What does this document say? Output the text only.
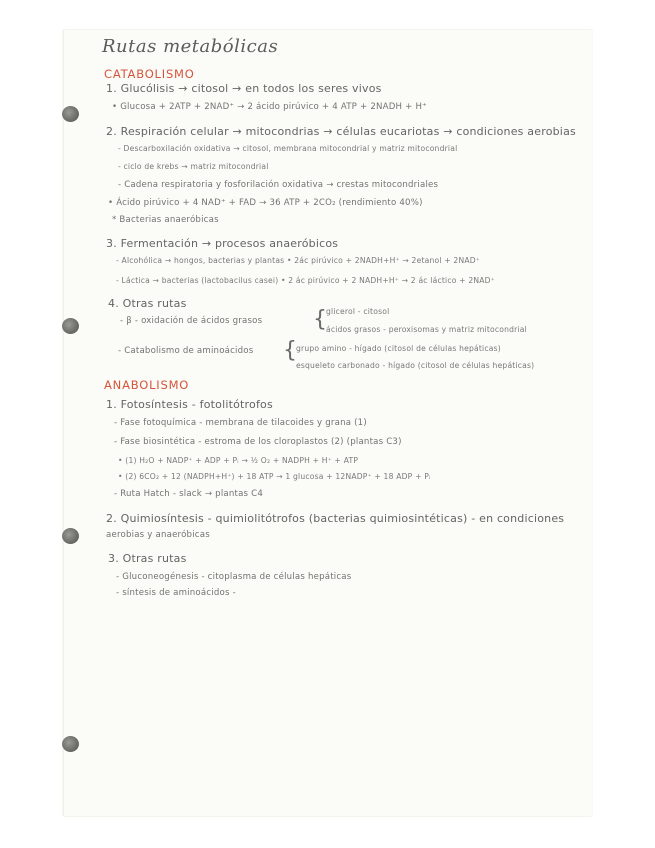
Rutas metabólicas
CATABOLISMO
1. Glucólisis → citosol → en todos los seres vivos
• Glucosa + 2ATP + 2NAD⁺ → 2 ácido pirúvico + 4 ATP + 2NADH + H⁺
2. Respiración celular → mitocondrias → células eucariotas → condiciones aerobias
- Descarboxilación oxidativa → citosol, membrana mitocondrial y matriz mitocondrial
- ciclo de krebs → matriz mitocondrial
- Cadena respiratoria y fosforilación oxidativa → crestas mitocondriales
• Ácido pirúvico + 4 NAD⁺ + FAD → 36 ATP + 2CO₂ (rendimiento 40%)
* Bacterias anaeróbicas
3. Fermentación → procesos anaeróbicos
- Alcohólica → hongos, bacterias y plantas • 2ác pirúvico + 2NADH+H⁺ → 2etanol + 2NAD⁺
- Láctica → bacterias (lactobacilus casei) • 2 ác pirúvico + 2 NADH+H⁺ → 2 ác láctico + 2NAD⁺
4. Otras rutas
- β - oxidación de ácidos grasos { glicerol - citosol
ácidos grasos - peroxisomas y matriz mitocondrial
- Catabolismo de aminoácidos { grupo amino - hígado (citosol de células hepáticas)
esqueleto carbonado - hígado (citosol de células hepáticas)
ANABOLISMO
1. Fotosíntesis - fotolitótrofos
- Fase fotoquímica - membrana de tilacoides y grana (1)
- Fase biosintética - estroma de los cloroplastos (2) (plantas C3)
• (1) H₂O + NADP⁺ + ADP + Pᵢ → ½ O₂ + NADPH + H⁺ + ATP
• (2) 6CO₂ + 12 (NADPH+H⁺) + 18 ATP → 1 glucosa + 12NADP⁺ + 18 ADP + Pᵢ
- Ruta Hatch - slack → plantas C4
2. Quimiosíntesis - quimiolitótrofos (bacterias quimiosintéticas) - en condiciones
aerobias y anaeróbicas
3. Otras rutas
- Gluconeogénesis - citoplasma de células hepáticas
- síntesis de aminoácidos -
